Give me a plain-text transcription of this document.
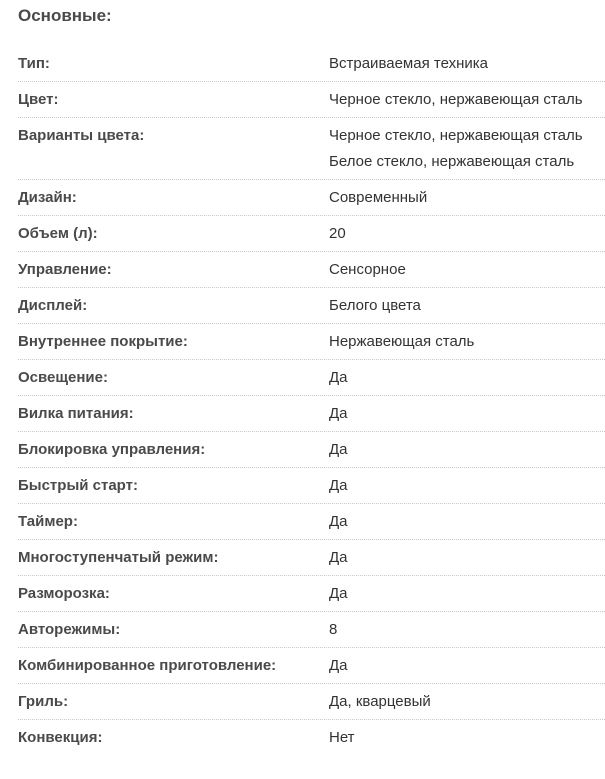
Основные:
Тип:	Встраиваемая техника
Цвет:	Черное стекло, нержавеющая сталь
Варианты цвета:	Черное стекло, нержавеющая сталь
Белое стекло, нержавеющая сталь
Дизайн:	Современный
Объем (л):	20
Управление:	Сенсорное
Дисплей:	Белого цвета
Внутреннее покрытие:	Нержавеющая сталь
Освещение:	Да
Вилка питания:	Да
Блокировка управления:	Да
Быстрый старт:	Да
Таймер:	Да
Многоступенчатый режим:	Да
Разморозка:	Да
Авторежимы:	8
Комбинированное приготовление:	Да
Гриль:	Да, кварцевый
Конвекция:	Нет
